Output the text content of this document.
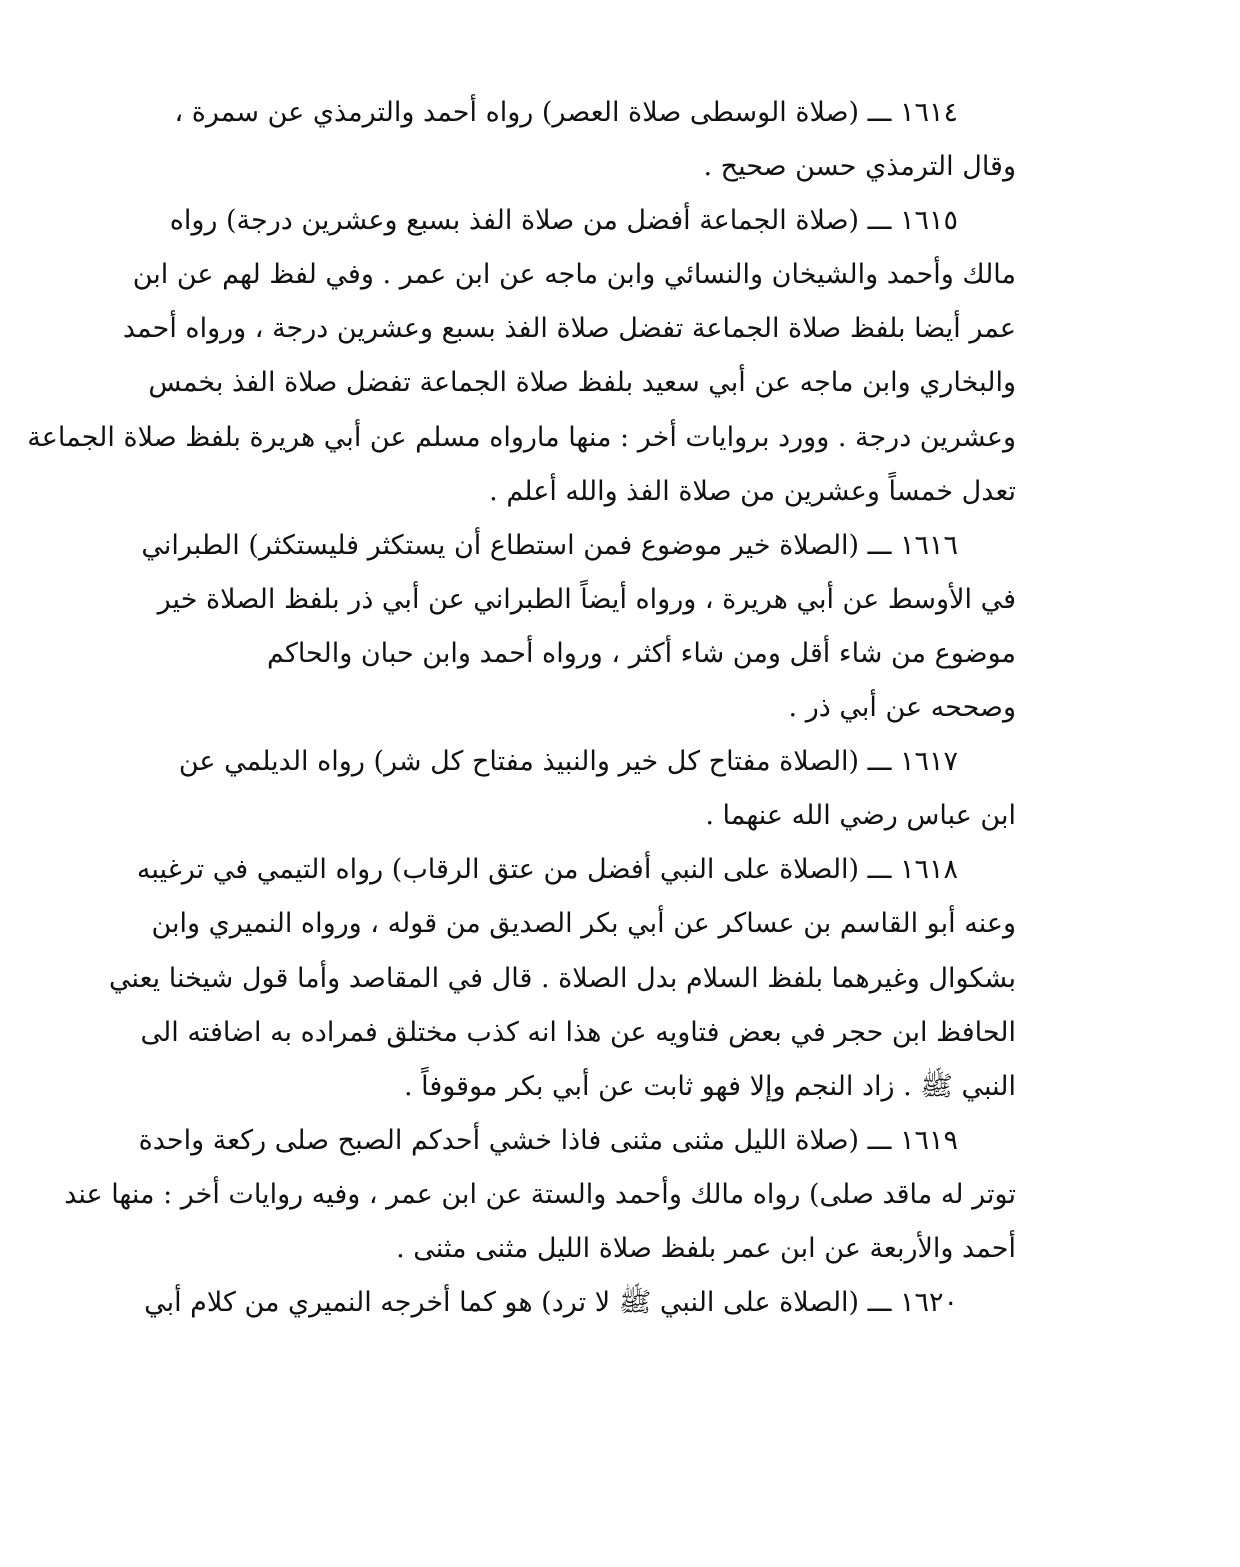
١٦١٤ ـــ (صلاة الوسطى صلاة العصر) رواه أحمد والترمذي عن سمرة ،
وقال الترمذي حسن صحيح .
١٦١٥ ـــ (صلاة الجماعة أفضل من صلاة الفذ بسبع وعشرين درجة) رواه
مالك وأحمد والشيخان والنسائي وابن ماجه عن ابن عمر . وفي لفظ لهم عن ابن
عمر أيضا بلفظ صلاة الجماعة تفضل صلاة الفذ بسبع وعشرين درجة ، ورواه أحمد
والبخاري وابن ماجه عن أبي سعيد بلفظ صلاة الجماعة تفضل صلاة الفذ بخمس
وعشرين درجة . وورد بروايات أخر : منها مارواه مسلم عن أبي هريرة بلفظ صلاة الجماعة
تعدل خمساً وعشرين من صلاة الفذ والله أعلم .
١٦١٦ ـــ (الصلاة خير موضوع فمن استطاع أن يستكثر فليستكثر) الطبراني
في الأوسط عن أبي هريرة ، ورواه أيضاً الطبراني عن أبي ذر بلفظ الصلاة خير
موضوع من شاء أقل ومن شاء أكثر ، ورواه أحمد وابن حبان والحاكم
وصححه عن أبي ذر .
١٦١٧ ـــ (الصلاة مفتاح كل خير والنبيذ مفتاح كل شر) رواه الديلمي عن
ابن عباس رضي الله عنهما .
١٦١٨ ـــ (الصلاة على النبي أفضل من عتق الرقاب) رواه التيمي في ترغيبه
وعنه أبو القاسم بن عساكر عن أبي بكر الصديق من قوله ، ورواه النميري وابن
بشكوال وغيرهما بلفظ السلام بدل الصلاة . قال في المقاصد وأما قول شيخنا يعني
الحافظ ابن حجر في بعض فتاويه عن هذا انه كذب مختلق فمراده به اضافته الى
النبي ﷺ . زاد النجم وإلا فهو ثابت عن أبي بكر موقوفاً .
١٦١٩ ـــ (صلاة الليل مثنى مثنى فاذا خشي أحدكم الصبح صلى ركعة واحدة
توتر له ماقد صلى) رواه مالك وأحمد والستة عن ابن عمر ، وفيه روايات أخر : منها عند
أحمد والأربعة عن ابن عمر بلفظ صلاة الليل مثنى مثنى .
١٦٢٠ ـــ (الصلاة على النبي ﷺ لا ترد) هو كما أخرجه النميري من كلام أبي
